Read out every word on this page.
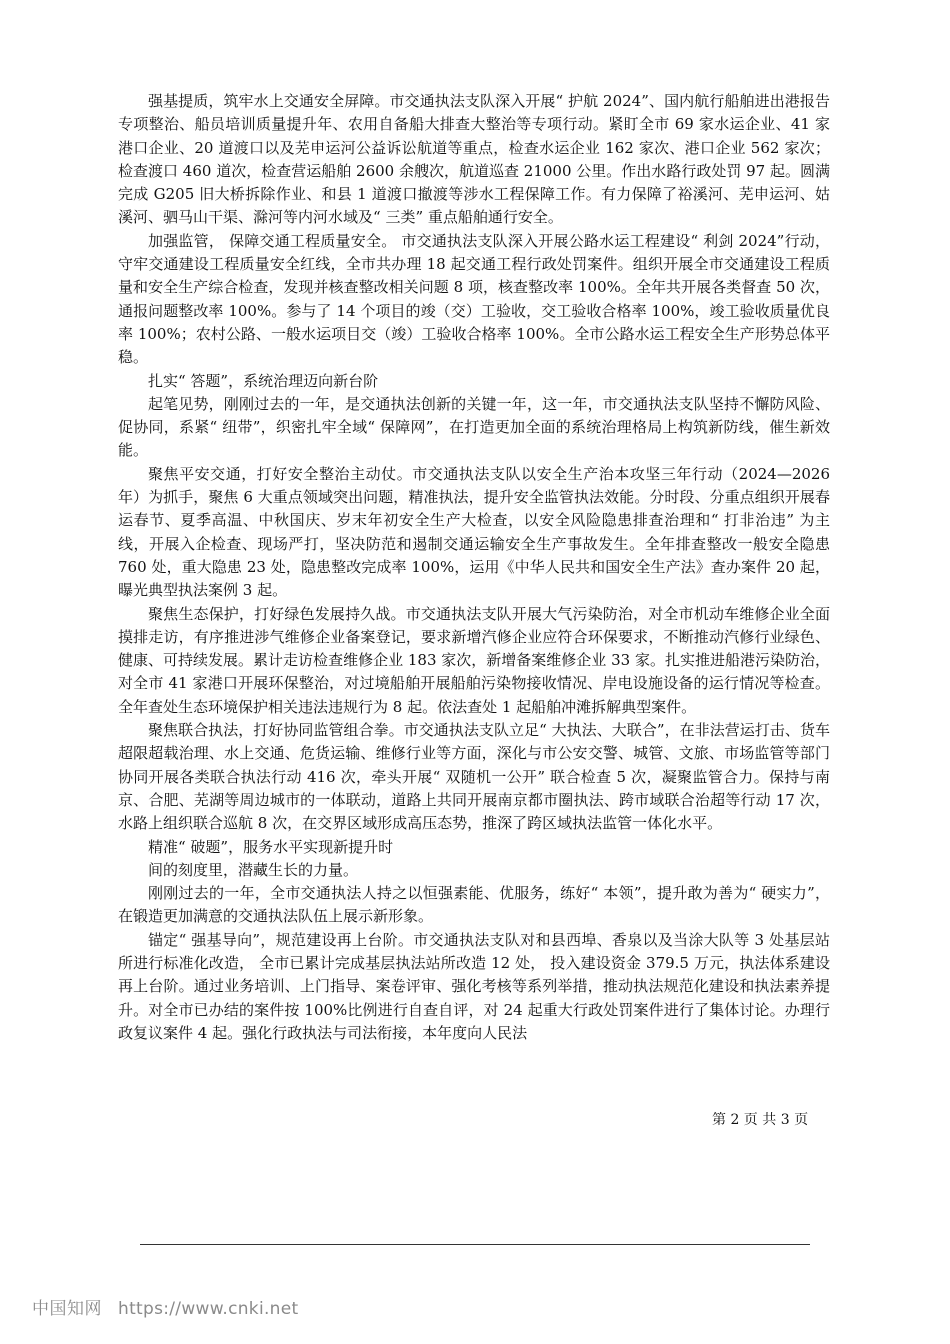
强基提质，筑牢水上交通安全屏障。市交通执法支队深入开展“ 护航 2024”、国内航行船舶进出港报告专项整治、船员培训质量提升年、农用自备船大排查大整治等专项行动。紧盯全市 69 家水运企业、41 家港口企业、20 道渡口以及芜申运河公益诉讼航道等重点，检查水运企业 162 家次、港口企业 562 家次；检查渡口 460 道次，检查营运船舶 2600 余艘次，航道巡查 21000 公里。作出水路行政处罚 97 起。圆满完成 G205 旧大桥拆除作业、和县 1 道渡口撤渡等涉水工程保障工作。有力保障了裕溪河、芜申运河、姑溪河、驷马山干渠、滁河等内河水域及“ 三类” 重点船舶通行安全。

加强监管， 保障交通工程质量安全。 市交通执法支队深入开展公路水运工程建设“ 利剑 2024”行动，守牢交通建设工程质量安全红线，全市共办理 18 起交通工程行政处罚案件。组织开展全市交通建设工程质量和安全生产综合检查，发现并核查整改相关问题 8 项，核查整改率 100%。全年共开展各类督查 50 次，通报问题整改率 100%。参与了 14 个项目的竣（交）工验收，交工验收合格率 100%，竣工验收质量优良率 100%；农村公路、一般水运项目交（竣）工验收合格率 100%。全市公路水运工程安全生产形势总体平稳。

扎实“ 答题”，系统治理迈向新台阶

起笔见势，刚刚过去的一年，是交通执法创新的关键一年，这一年，市交通执法支队坚持不懈防风险、促协同，系紧“ 纽带”，织密扎牢全域“ 保障网”，在打造更加全面的系统治理格局上构筑新防线，催生新效能。

聚焦平安交通，打好安全整治主动仗。市交通执法支队以安全生产治本攻坚三年行动（2024—2026 年）为抓手，聚焦 6 大重点领域突出问题，精准执法，提升安全监管执法效能。分时段、分重点组织开展春运春节、夏季高温、中秋国庆、岁末年初安全生产大检查，以安全风险隐患排查治理和“ 打非治违” 为主线，开展入企检查、现场严打，坚决防范和遏制交通运输安全生产事故发生。全年排查整改一般安全隐患 760 处，重大隐患 23 处，隐患整改完成率 100%，运用《中华人民共和国安全生产法》查办案件 20 起，曝光典型执法案例 3 起。

聚焦生态保护，打好绿色发展持久战。市交通执法支队开展大气污染防治，对全市机动车维修企业全面摸排走访，有序推进涉气维修企业备案登记，要求新增汽修企业应符合环保要求，不断推动汽修行业绿色、健康、可持续发展。累计走访检查维修企业 183 家次，新增备案维修企业 33 家。扎实推进船港污染防治，对全市 41 家港口开展环保整治，对过境船舶开展船舶污染物接收情况、岸电设施设备的运行情况等检查。全年查处生态环境保护相关违法违规行为 8 起。依法查处 1 起船舶冲滩拆解典型案件。

聚焦联合执法，打好协同监管组合拳。市交通执法支队立足“ 大执法、大联合”，在非法营运打击、货车超限超载治理、水上交通、危货运输、维修行业等方面，深化与市公安交警、城管、文旅、市场监管等部门协同开展各类联合执法行动 416 次，牵头开展“ 双随机一公开” 联合检查 5 次，凝聚监管合力。保持与南京、合肥、芜湖等周边城市的一体联动，道路上共同开展南京都市圈执法、跨市域联合治超等行动 17 次，水路上组织联合巡航 8 次，在交界区域形成高压态势，推深了跨区域执法监管一体化水平。

精准“ 破题”，服务水平实现新提升时

间的刻度里，潜藏生长的力量。

刚刚过去的一年，全市交通执法人持之以恒强素能、优服务，练好“ 本领”，提升敢为善为“ 硬实力”，在锻造更加满意的交通执法队伍上展示新形象。

锚定“ 强基导向”，规范建设再上台阶。市交通执法支队对和县西埠、香泉以及当涂大队等 3 处基层站所进行标准化改造， 全市已累计完成基层执法站所改造 12 处， 投入建设资金 379.5 万元，执法体系建设再上台阶。通过业务培训、上门指导、案卷评审、强化考核等系列举措，推动执法规范化建设和执法素养提升。对全市已办结的案件按 100%比例进行自查自评，对 24 起重大行政处罚案件进行了集体讨论。办理行政复议案件 4 起。强化行政执法与司法衔接，本年度向人民法

第 2 页 共 3 页
中国知网 https://www.cnki.net
